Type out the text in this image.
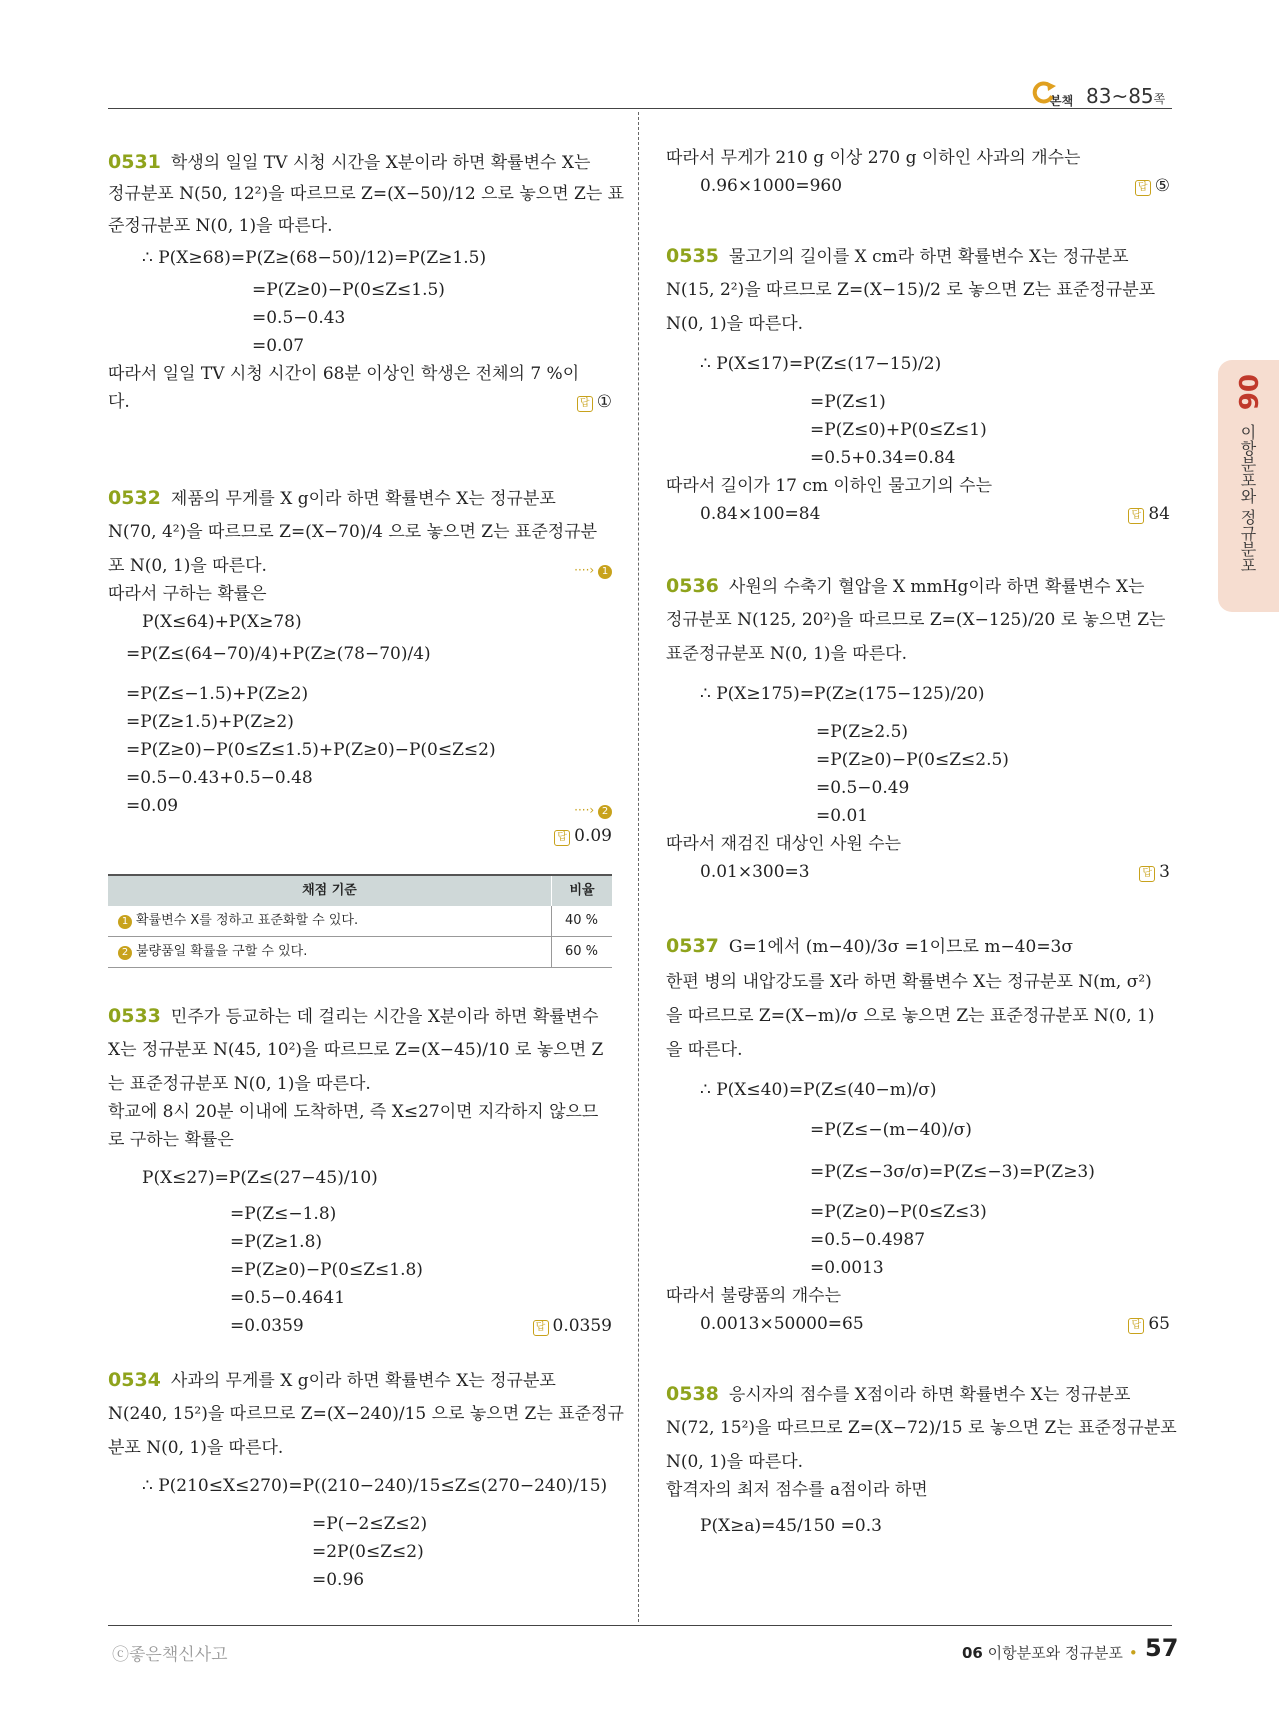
본책 83~85쪽
06
이항분포와 정규분포
0531 학생의 일일 TV 시청 시간을 X분이라 하면 확률변수 X는
정규분포 N(50, 12²)을 따르므로 Z=(X−50)/12 으로 놓으면 Z는 표
준정규분포 N(0, 1)을 따른다.
∴ P(X≥68)=P(Z≥(68−50)/12)=P(Z≥1.5)
=P(Z≥0)−P(0≤Z≤1.5)
=0.5−0.43
=0.07
따라서 일일 TV 시청 시간이 68분 이상인 학생은 전체의 7 %이
다.	답 ①
0532 제품의 무게를 X g이라 하면 확률변수 X는 정규분포
N(70, 4²)을 따르므로 Z=(X−70)/4 으로 놓으면 Z는 표준정규분
포 N(0, 1)을 따른다.	····› 1
따라서 구하는 확률은
P(X≤64)+P(X≥78)
=P(Z≤(64−70)/4)+P(Z≥(78−70)/4)
=P(Z≤−1.5)+P(Z≥2)
=P(Z≥1.5)+P(Z≥2)
=P(Z≥0)−P(0≤Z≤1.5)+P(Z≥0)−P(0≤Z≤2)
=0.5−0.43+0.5−0.48
=0.09	····› 2
답 0.09
채점 기준	비율
1 확률변수 X를 정하고 표준화할 수 있다.	40 %
2 불량품일 확률을 구할 수 있다.	60 %
0533 민주가 등교하는 데 걸리는 시간을 X분이라 하면 확률변수
X는 정규분포 N(45, 10²)을 따르므로 Z=(X−45)/10 로 놓으면 Z
는 표준정규분포 N(0, 1)을 따른다.
학교에 8시 20분 이내에 도착하면, 즉 X≤27이면 지각하지 않으므
로 구하는 확률은
P(X≤27)=P(Z≤(27−45)/10)
=P(Z≤−1.8)
=P(Z≥1.8)
=P(Z≥0)−P(0≤Z≤1.8)
=0.5−0.4641
=0.0359	답 0.0359
0534 사과의 무게를 X g이라 하면 확률변수 X는 정규분포
N(240, 15²)을 따르므로 Z=(X−240)/15 으로 놓으면 Z는 표준정규
분포 N(0, 1)을 따른다.
∴ P(210≤X≤270)=P((210−240)/15≤Z≤(270−240)/15)
=P(−2≤Z≤2)
=2P(0≤Z≤2)
=0.96
따라서 무게가 210 g 이상 270 g 이하인 사과의 개수는
0.96×1000=960	답 ⑤
0535 물고기의 길이를 X cm라 하면 확률변수 X는 정규분포
N(15, 2²)을 따르므로 Z=(X−15)/2 로 놓으면 Z는 표준정규분포
N(0, 1)을 따른다.
∴ P(X≤17)=P(Z≤(17−15)/2)
=P(Z≤1)
=P(Z≤0)+P(0≤Z≤1)
=0.5+0.34=0.84
따라서 길이가 17 cm 이하인 물고기의 수는
0.84×100=84	답 84
0536 사원의 수축기 혈압을 X mmHg이라 하면 확률변수 X는
정규분포 N(125, 20²)을 따르므로 Z=(X−125)/20 로 놓으면 Z는
표준정규분포 N(0, 1)을 따른다.
∴ P(X≥175)=P(Z≥(175−125)/20)
=P(Z≥2.5)
=P(Z≥0)−P(0≤Z≤2.5)
=0.5−0.49
=0.01
따라서 재검진 대상인 사원 수는
0.01×300=3	답 3
0537 G=1에서 (m−40)/3σ =1이므로 m−40=3σ
한편 병의 내압강도를 X라 하면 확률변수 X는 정규분포 N(m, σ²)
을 따르므로 Z=(X−m)/σ 으로 놓으면 Z는 표준정규분포 N(0, 1)
을 따른다.
∴ P(X≤40)=P(Z≤(40−m)/σ)
=P(Z≤−(m−40)/σ)
=P(Z≤−3σ/σ)=P(Z≤−3)=P(Z≥3)
=P(Z≥0)−P(0≤Z≤3)
=0.5−0.4987
=0.0013
따라서 불량품의 개수는
0.0013×50000=65	답 65
0538 응시자의 점수를 X점이라 하면 확률변수 X는 정규분포
N(72, 15²)을 따르므로 Z=(X−72)/15 로 놓으면 Z는 표준정규분포
N(0, 1)을 따른다.
합격자의 최저 점수를 a점이라 하면
P(X≥a)=45/150 =0.3
ⓒ좋은책신사고	06 이항분포와 정규분포 • 57
